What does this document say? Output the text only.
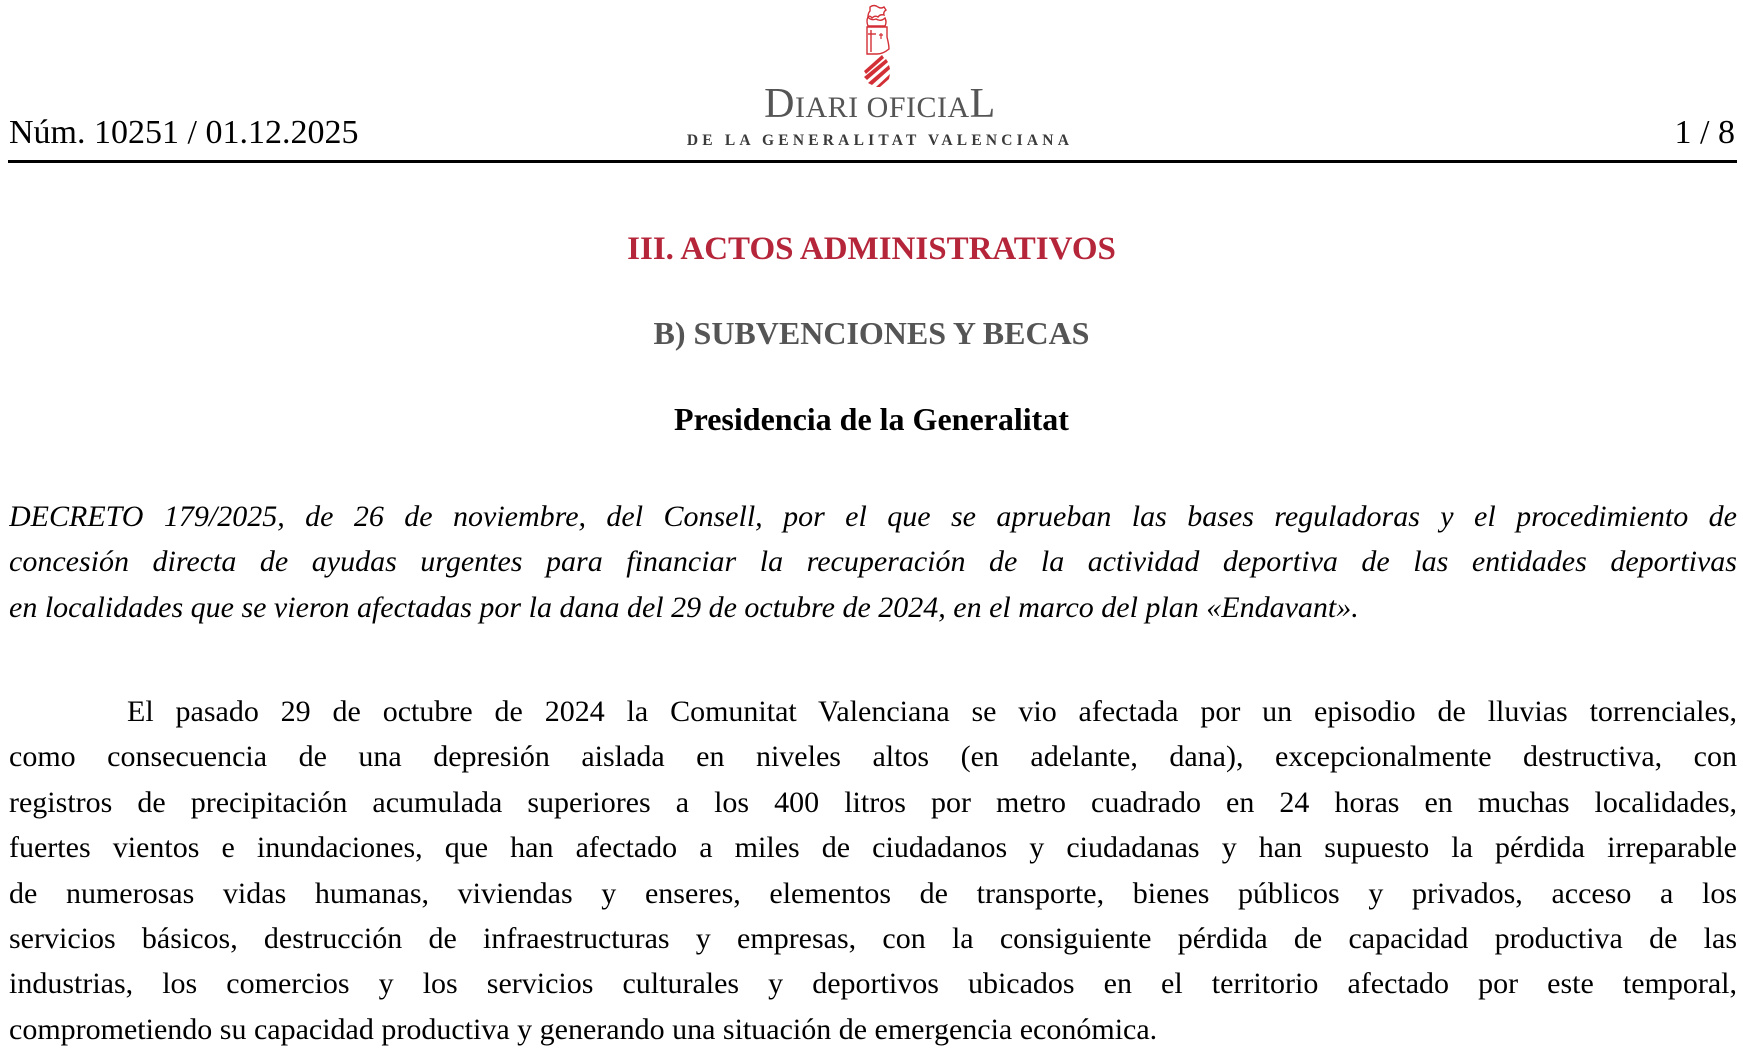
Núm. 10251 / 01.12.2025
DIARI OFICIAL
DE LA GENERALITAT VALENCIANA	1 / 8
III. ACTOS ADMINISTRATIVOS
B) SUBVENCIONES Y BECAS
Presidencia de la Generalitat
DECRETO 179/2025, de 26 de noviembre, del Consell, por el que se aprueban las bases reguladoras y el procedimiento de
concesión directa de ayudas urgentes para financiar la recuperación de la actividad deportiva de las entidades deportivas
en localidades que se vieron afectadas por la dana del 29 de octubre de 2024, en el marco del plan «Endavant».
El pasado 29 de octubre de 2024 la Comunitat Valenciana se vio afectada por un episodio de lluvias torrenciales,
como consecuencia de una depresión aislada en niveles altos (en adelante, dana), excepcionalmente destructiva, con
registros de precipitación acumulada superiores a los 400 litros por metro cuadrado en 24 horas en muchas localidades,
fuertes vientos e inundaciones, que han afectado a miles de ciudadanos y ciudadanas y han supuesto la pérdida irreparable
de numerosas vidas humanas, viviendas y enseres, elementos de transporte, bienes públicos y privados, acceso a los
servicios básicos, destrucción de infraestructuras y empresas, con la consiguiente pérdida de capacidad productiva de las
industrias, los comercios y los servicios culturales y deportivos ubicados en el territorio afectado por este temporal,
comprometiendo su capacidad productiva y generando una situación de emergencia económica.
